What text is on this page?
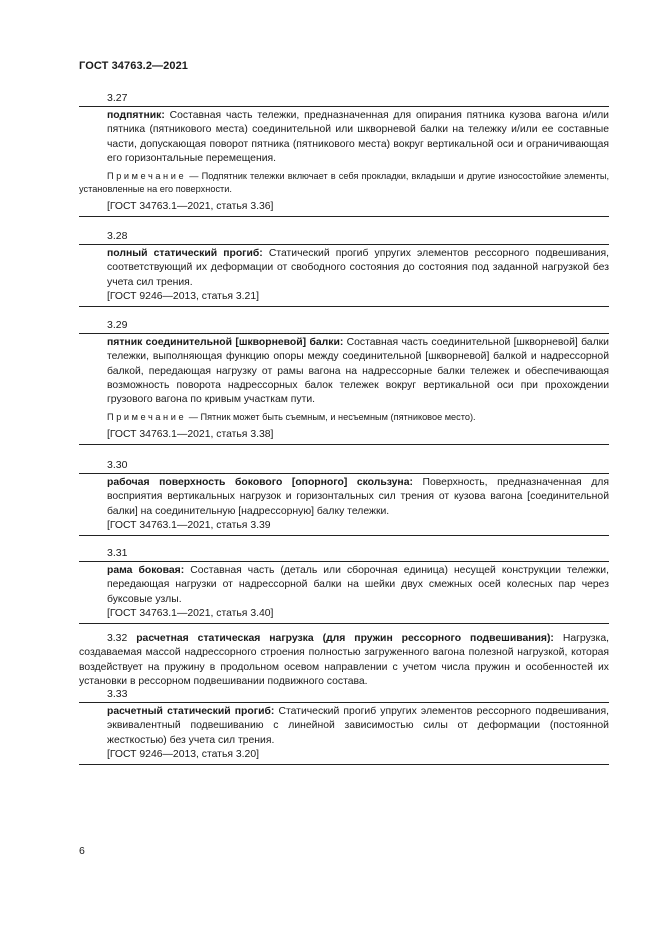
ГОСТ 34763.2—2021
3.27

подпятник: Составная часть тележки, предназначенная для опирания пятника кузова вагона и/или пятника (пятникового места) соединительной или шкворневой балки на тележку и/или ее составные части, допускающая поворот пятника (пятникового места) вокруг вертикальной оси и ограничивающая его горизонтальные перемещения.

Примечание — Подпятник тележки включает в себя прокладки, вкладыши и другие износостойкие элементы, установленные на его поверхности.

[ГОСТ 34763.1—2021, статья 3.36]

3.28

полный статический прогиб: Статический прогиб упругих элементов рессорного подвешивания, соответствующий их деформации от свободного состояния до состояния под заданной нагрузкой без учета сил трения.

[ГОСТ 9246—2013, статья 3.21]

3.29

пятник соединительной [шкворневой] балки: Составная часть соединительной [шкворневой] балки тележки, выполняющая функцию опоры между соединительной [шкворневой] балкой и надрессорной балкой, передающая нагрузку от рамы вагона на надрессорные балки тележек и обеспечивающая возможность поворота надрессорных балок тележек вокруг вертикальной оси при прохождении грузового вагона по кривым участкам пути.

Примечание — Пятник может быть съемным, и несъемным (пятниковое место).

[ГОСТ 34763.1—2021, статья 3.38]

3.30

рабочая поверхность бокового [опорного] скользуна: Поверхность, предназначенная для восприятия вертикальных нагрузок и горизонтальных сил трения от кузова вагона [соединительной балки] на соединительную [надрессорную] балку тележки.

[ГОСТ 34763.1—2021, статья 3.39

3.31

рама боковая: Составная часть (деталь или сборочная единица) несущей конструкции тележки, передающая нагрузки от надрессорной балки на шейки двух смежных осей колесных пар через буксовые узлы.

[ГОСТ 34763.1—2021, статья 3.40]

3.32 расчетная статическая нагрузка (для пружин рессорного подвешивания): Нагрузка, создаваемая массой надрессорного строения полностью загруженного вагона полезной нагрузкой, которая воздействует на пружину в продольном осевом направлении с учетом числа пружин и особенностей их установки в рессорном подвешивании подвижного состава.

3.33

расчетный статический прогиб: Статический прогиб упругих элементов рессорного подвешивания, эквивалентный подвешиванию с линейной зависимостью силы от деформации (постоянной жесткостью) без учета сил трения.

[ГОСТ 9246—2013, статья 3.20]

6
